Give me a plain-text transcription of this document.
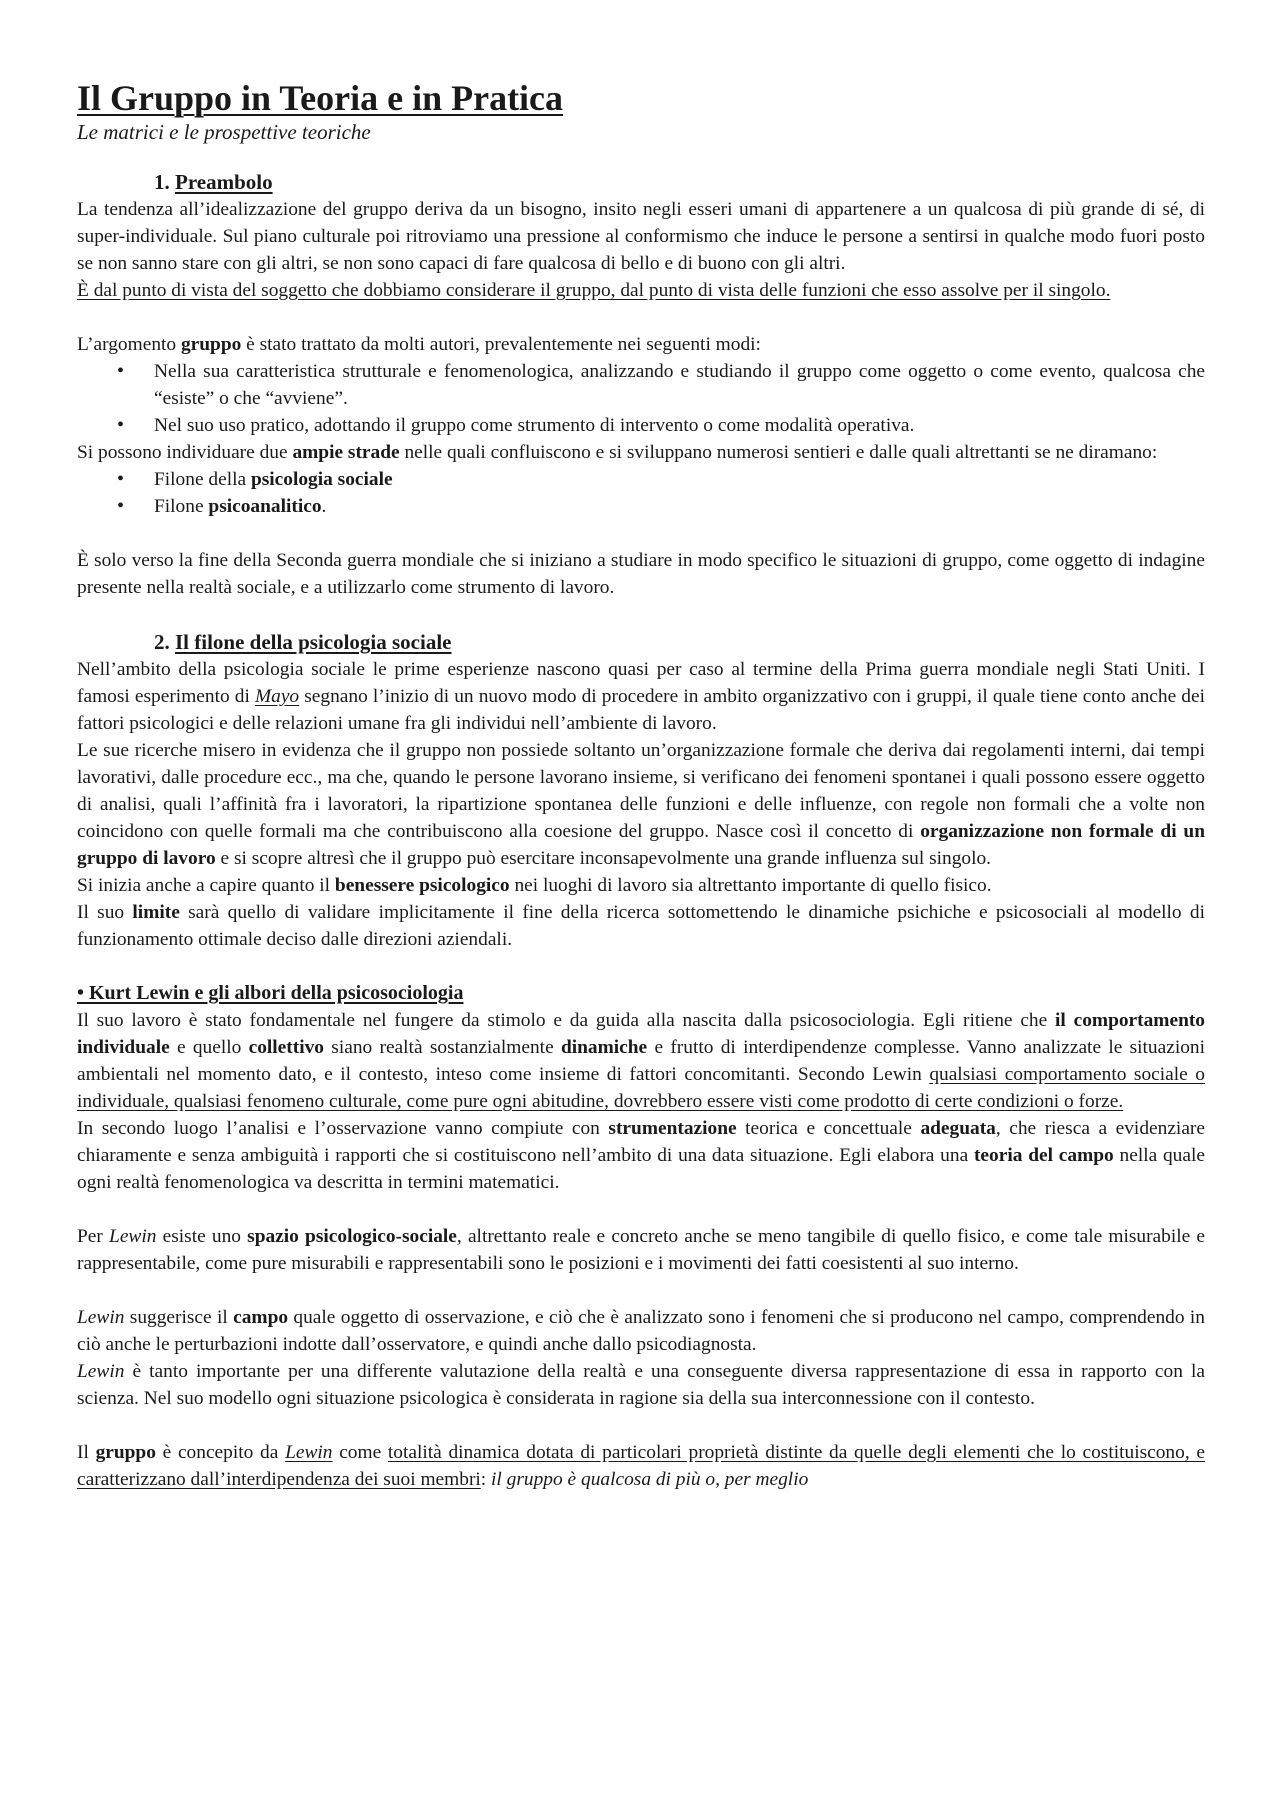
Il Gruppo in Teoria e in Pratica

Le matrici e le prospettive teoriche

1. Preambolo

La tendenza all’idealizzazione del gruppo deriva da un bisogno, insito negli esseri umani di appartenere a un qualcosa di più grande di sé, di super-individuale. Sul piano culturale poi ritroviamo una pressione al conformismo che induce le persone a sentirsi in qualche modo fuori posto se non sanno stare con gli altri, se non sono capaci di fare qualcosa di bello e di buono con gli altri.

È dal punto di vista del soggetto che dobbiamo considerare il gruppo, dal punto di vista delle funzioni che esso assolve per il singolo.

L’argomento gruppo è stato trattato da molti autori, prevalentemente nei seguenti modi:

• Nella sua caratteristica strutturale e fenomenologica, analizzando e studiando il gruppo come oggetto o come evento, qualcosa che “esiste” o che “avviene”.
• Nel suo uso pratico, adottando il gruppo come strumento di intervento o come modalità operativa.

Si possono individuare due ampie strade nelle quali confluiscono e si sviluppano numerosi sentieri e dalle quali altrettanti se ne diramano:

• Filone della psicologia sociale
• Filone psicoanalitico.

È solo verso la fine della Seconda guerra mondiale che si iniziano a studiare in modo specifico le situazioni di gruppo, come oggetto di indagine presente nella realtà sociale, e a utilizzarlo come strumento di lavoro.

2. Il filone della psicologia sociale

Nell’ambito della psicologia sociale le prime esperienze nascono quasi per caso al termine della Prima guerra mondiale negli Stati Uniti. I famosi esperimento di Mayo segnano l’inizio di un nuovo modo di procedere in ambito organizzativo con i gruppi, il quale tiene conto anche dei fattori psicologici e delle relazioni umane fra gli individui nell’ambiente di lavoro.

Le sue ricerche misero in evidenza che il gruppo non possiede soltanto un’organizzazione formale che deriva dai regolamenti interni, dai tempi lavorativi, dalle procedure ecc., ma che, quando le persone lavorano insieme, si verificano dei fenomeni spontanei i quali possono essere oggetto di analisi, quali l’affinità fra i lavoratori, la ripartizione spontanea delle funzioni e delle influenze, con regole non formali che a volte non coincidono con quelle formali ma che contribuiscono alla coesione del gruppo. Nasce così il concetto di organizzazione non formale di un gruppo di lavoro e si scopre altresì che il gruppo può esercitare inconsapevolmente una grande influenza sul singolo.

Si inizia anche a capire quanto il benessere psicologico nei luoghi di lavoro sia altrettanto importante di quello fisico.

Il suo limite sarà quello di validare implicitamente il fine della ricerca sottomettendo le dinamiche psichiche e psicosociali al modello di funzionamento ottimale deciso dalle direzioni aziendali.

• Kurt Lewin e gli albori della psicosociologia

Il suo lavoro è stato fondamentale nel fungere da stimolo e da guida alla nascita dalla psicosociologia. Egli ritiene che il comportamento individuale e quello collettivo siano realtà sostanzialmente dinamiche e frutto di interdipendenze complesse. Vanno analizzate le situazioni ambientali nel momento dato, e il contesto, inteso come insieme di fattori concomitanti. Secondo Lewin qualsiasi comportamento sociale o individuale, qualsiasi fenomeno culturale, come pure ogni abitudine, dovrebbero essere visti come prodotto di certe condizioni o forze.

In secondo luogo l’analisi e l’osservazione vanno compiute con strumentazione teorica e concettuale adeguata, che riesca a evidenziare chiaramente e senza ambiguità i rapporti che si costituiscono nell’ambito di una data situazione. Egli elabora una teoria del campo nella quale ogni realtà fenomenologica va descritta in termini matematici.

Per Lewin esiste uno spazio psicologico-sociale, altrettanto reale e concreto anche se meno tangibile di quello fisico, e come tale misurabile e rappresentabile, come pure misurabili e rappresentabili sono le posizioni e i movimenti dei fatti coesistenti al suo interno.

Lewin suggerisce il campo quale oggetto di osservazione, e ciò che è analizzato sono i fenomeni che si producono nel campo, comprendendo in ciò anche le perturbazioni indotte dall’osservatore, e quindi anche dallo psicodiagnosta.

Lewin è tanto importante per una differente valutazione della realtà e una conseguente diversa rappresentazione di essa in rapporto con la scienza. Nel suo modello ogni situazione psicologica è considerata in ragione sia della sua interconnessione con il contesto.

Il gruppo è concepito da Lewin come totalità dinamica dotata di particolari proprietà distinte da quelle degli elementi che lo costituiscono, e caratterizzano dall’interdipendenza dei suoi membri: il gruppo è qualcosa di più o, per meglio
